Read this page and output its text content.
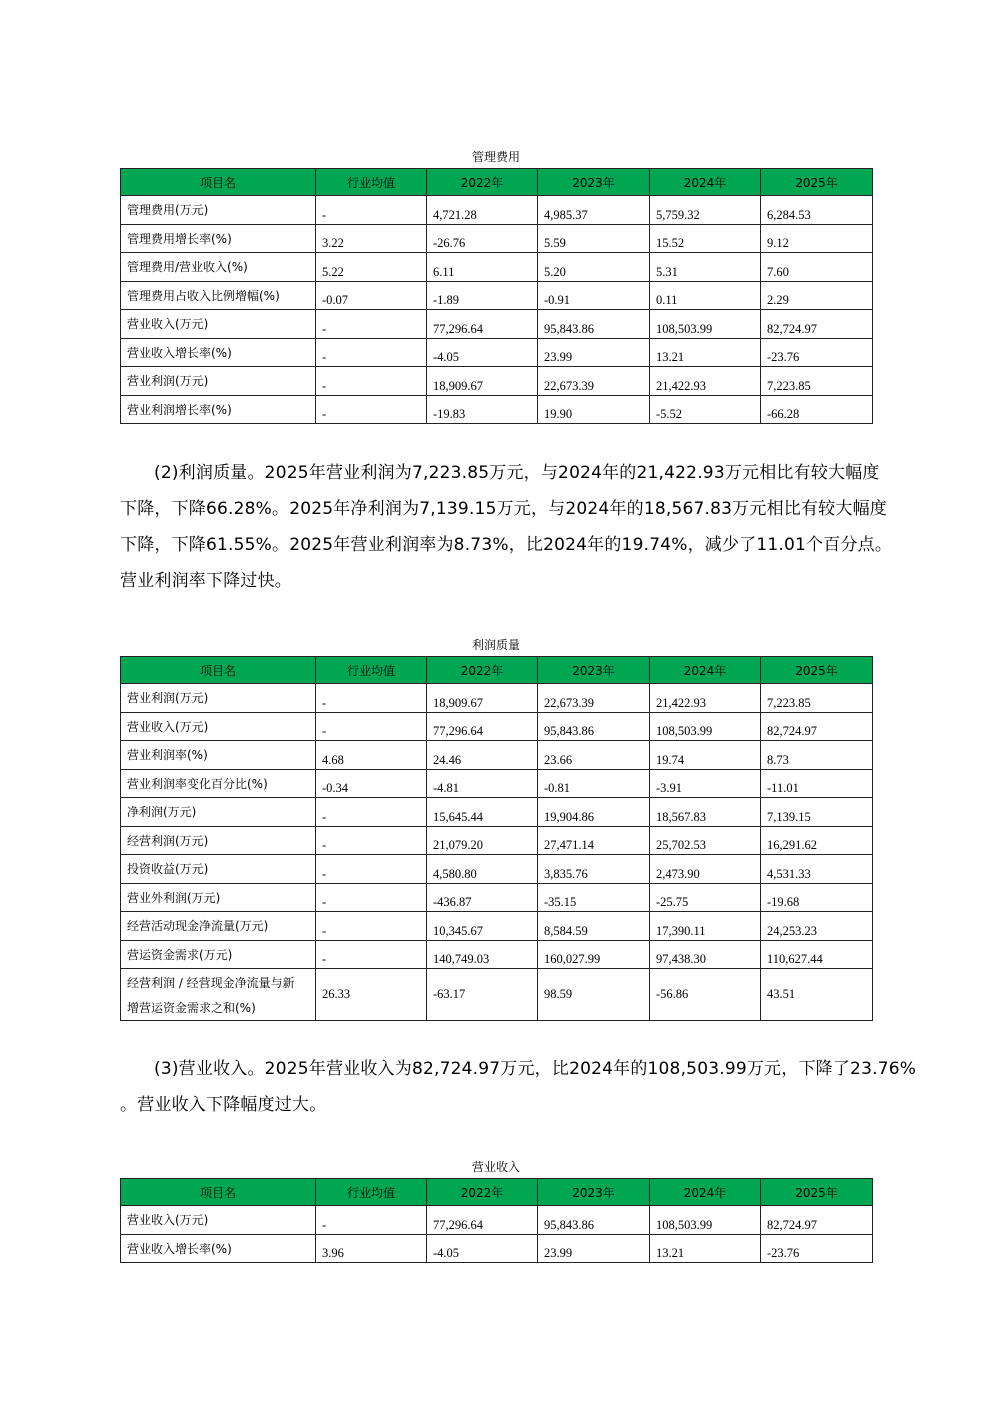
管理费用
项目名	行业均值	2022年	2023年	2024年	2025年
管理费用(万元)	-	4,721.28	4,985.37	5,759.32	6,284.53
管理费用增长率(%)	3.22	-26.76	5.59	15.52	9.12
管理费用/营业收入(%)	5.22	6.11	5.20	5.31	7.60
管理费用占收入比例增幅(%)	-0.07	-1.89	-0.91	0.11	2.29
营业收入(万元)	-	77,296.64	95,843.86	108,503.99	82,724.97
营业收入增长率(%)	-	-4.05	23.99	13.21	-23.76
营业利润(万元)	-	18,909.67	22,673.39	21,422.93	7,223.85
营业利润增长率(%)	-	-19.83	19.90	-5.52	-66.28
(2)利润质量。2025年营业利润为7,223.85万元，与2024年的21,422.93万元相比有较大幅度
下降，下降66.28%。2025年净利润为7,139.15万元，与2024年的18,567.83万元相比有较大幅度
下降，下降61.55%。2025年营业利润率为8.73%，比2024年的19.74%，减少了11.01个百分点。
营业利润率下降过快。
利润质量
项目名	行业均值	2022年	2023年	2024年	2025年
营业利润(万元)	-	18,909.67	22,673.39	21,422.93	7,223.85
营业收入(万元)	-	77,296.64	95,843.86	108,503.99	82,724.97
营业利润率(%)	4.68	24.46	23.66	19.74	8.73
营业利润率变化百分比(%)	-0.34	-4.81	-0.81	-3.91	-11.01
净利润(万元)	-	15,645.44	19,904.86	18,567.83	7,139.15
经营利润(万元)	-	21,079.20	27,471.14	25,702.53	16,291.62
投资收益(万元)	-	4,580.80	3,835.76	2,473.90	4,531.33
营业外利润(万元)	-	-436.87	-35.15	-25.75	-19.68
经营活动现金净流量(万元)	-	10,345.67	8,584.59	17,390.11	24,253.23
营运资金需求(万元)	-	140,749.03	160,027.99	97,438.30	110,627.44

经营利润 / 经营现金净流量与新
增营运资金需求之和(%)	26.33	-63.17	98.59	-56.86	43.51
(3)营业收入。2025年营业收入为82,724.97万元，比2024年的108,503.99万元，下降了23.76%
。营业收入下降幅度过大。
营业收入
项目名	行业均值	2022年	2023年	2024年	2025年
营业收入(万元)	-	77,296.64	95,843.86	108,503.99	82,724.97
营业收入增长率(%)	3.96	-4.05	23.99	13.21	-23.76
